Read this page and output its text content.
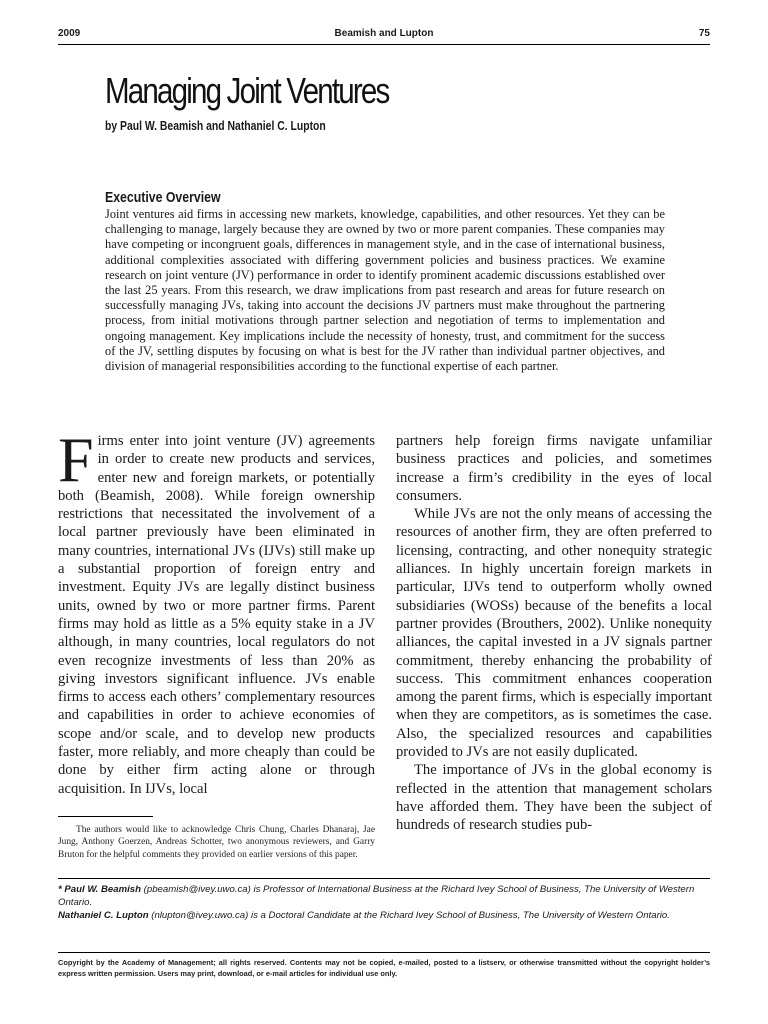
2009	Beamish and Lupton	75
Managing Joint Ventures
by Paul W. Beamish and Nathaniel C. Lupton
Executive Overview

Joint ventures aid firms in accessing new markets, knowledge, capabilities, and other resources. Yet they can be challenging to manage, largely because they are owned by two or more parent companies. These companies may have competing or incongruent goals, differences in management style, and in the case of international business, additional complexities associated with differing government policies and business practices. We examine research on joint venture (JV) performance in order to identify prominent academic discussions established over the last 25 years. From this research, we draw implications from past research and areas for future research on successfully managing JVs, taking into account the decisions JV partners must make throughout the partnering process, from initial motivations through partner selection and negotiation of terms to implementation and ongoing management. Key implications include the necessity of honesty, trust, and commitment for the success of the JV, settling disputes by focusing on what is best for the JV rather than individual partner objectives, and division of managerial responsibilities according to the functional expertise of each partner.

Firms enter into joint venture (JV) agreements in order to create new products and services, enter new and foreign markets, or potentially both (Beamish, 2008). While foreign ownership restrictions that necessitated the involvement of a local partner previously have been eliminated in many countries, international JVs (IJVs) still make up a substantial proportion of foreign entry and investment. Equity JVs are legally distinct business units, owned by two or more partner firms. Parent firms may hold as little as a 5% equity stake in a JV although, in many countries, local regulators do not even recognize investments of less than 20% as giving investors significant influence. JVs enable firms to access each others’ complementary resources and capabilities in order to achieve economies of scope and/or scale, and to develop new products faster, more reliably, and more cheaply than could be done by either firm acting alone or through acquisition. In IJVs, local

partners help foreign firms navigate unfamiliar business practices and policies, and sometimes increase a firm’s credibility in the eyes of local consumers.

While JVs are not the only means of accessing the resources of another firm, they are often preferred to licensing, contracting, and other nonequity strategic alliances. In highly uncertain foreign markets in particular, IJVs tend to outperform wholly owned subsidiaries (WOSs) because of the benefits a local partner provides (Brouthers, 2002). Unlike nonequity alliances, the capital invested in a JV signals partner commitment, thereby enhancing the probability of success. This commitment enhances cooperation among the parent firms, which is especially important when they are competitors, as is sometimes the case. Also, the specialized resources and capabilities provided to JVs are not easily duplicated.

The importance of JVs in the global economy is reflected in the attention that management scholars have afforded them. They have been the subject of hundreds of research studies pub-

The authors would like to acknowledge Chris Chung, Charles Dhanaraj, Jae Jung, Anthony Goerzen, Andreas Schotter, two anonymous reviewers, and Garry Bruton for the helpful comments they provided on earlier versions of this paper.

* Paul W. Beamish (pbeamish@ivey.uwo.ca) is Professor of International Business at the Richard Ivey School of Business, The University of Western Ontario.
Nathaniel C. Lupton (nlupton@ivey.uwo.ca) is a Doctoral Candidate at the Richard Ivey School of Business, The University of Western Ontario.

Copyright by the Academy of Management; all rights reserved. Contents may not be copied, e-mailed, posted to a listserv, or otherwise transmitted without the copyright holder’s express written permission. Users may print, download, or e-mail articles for individual use only.
